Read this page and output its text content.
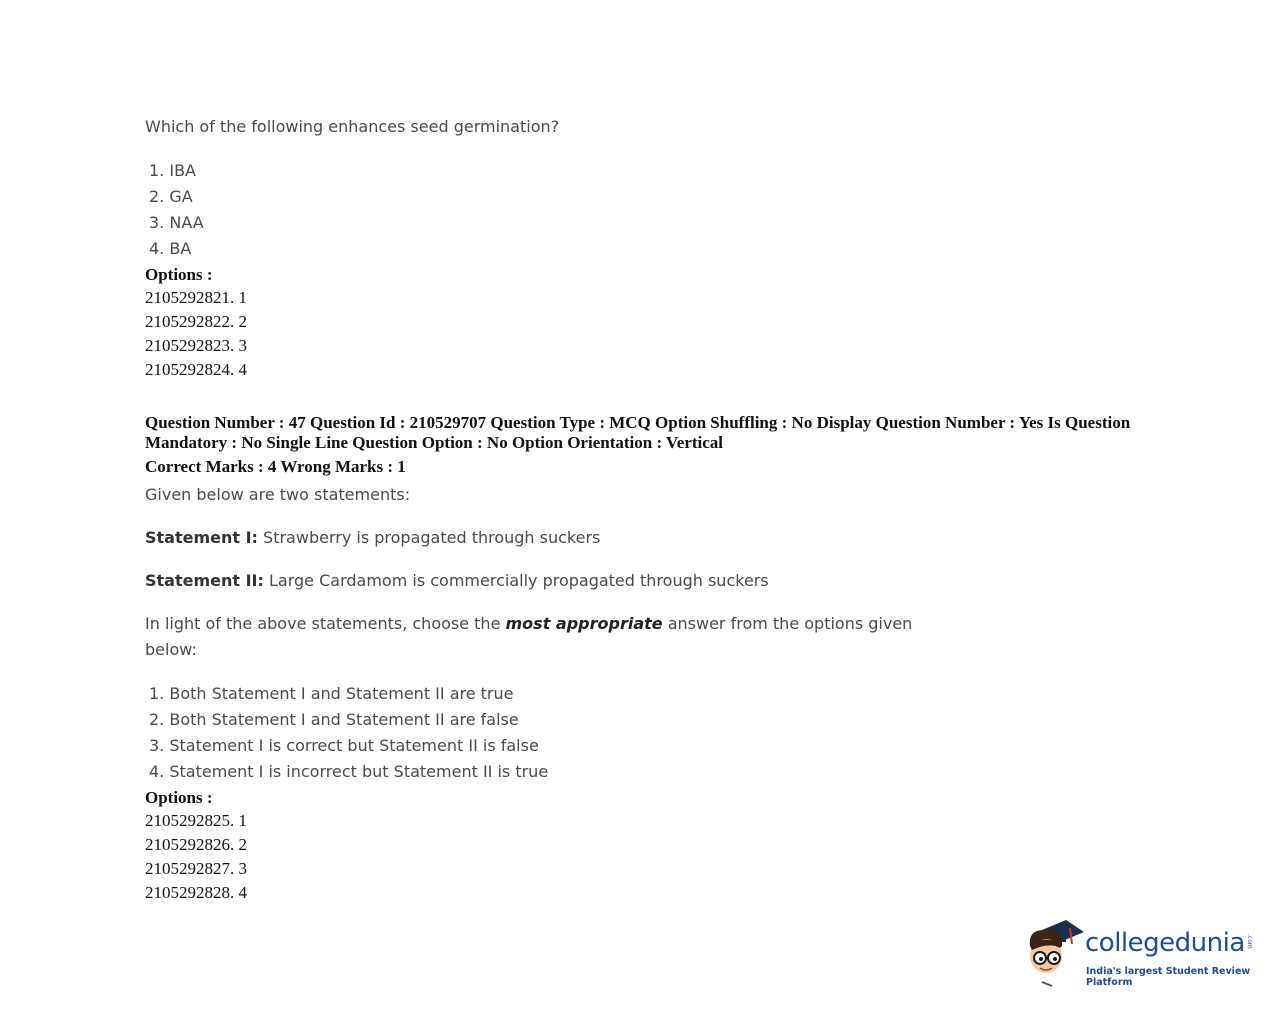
Which of the following enhances seed germination?
1. IBA
2. GA
3. NAA
4. BA
Options :
2105292821. 1
2105292822. 2
2105292823. 3
2105292824. 4
Question Number : 47 Question Id : 210529707 Question Type : MCQ Option Shuffling : No Display Question Number : Yes Is Question Mandatory : No Single Line Question Option : No Option Orientation : Vertical
Correct Marks : 4 Wrong Marks : 1
Given below are two statements:
Statement I: Strawberry is propagated through suckers
Statement II: Large Cardamom is commercially propagated through suckers
In light of the above statements, choose the most appropriate answer from the options given
below:
1. Both Statement I and Statement II are true
2. Both Statement I and Statement II are false
3. Statement I is correct but Statement II is false
4. Statement I is incorrect but Statement II is true
Options :
2105292825. 1
2105292826. 2
2105292827. 3
2105292828. 4
collegedunia .com
India's largest Student Review Platform
